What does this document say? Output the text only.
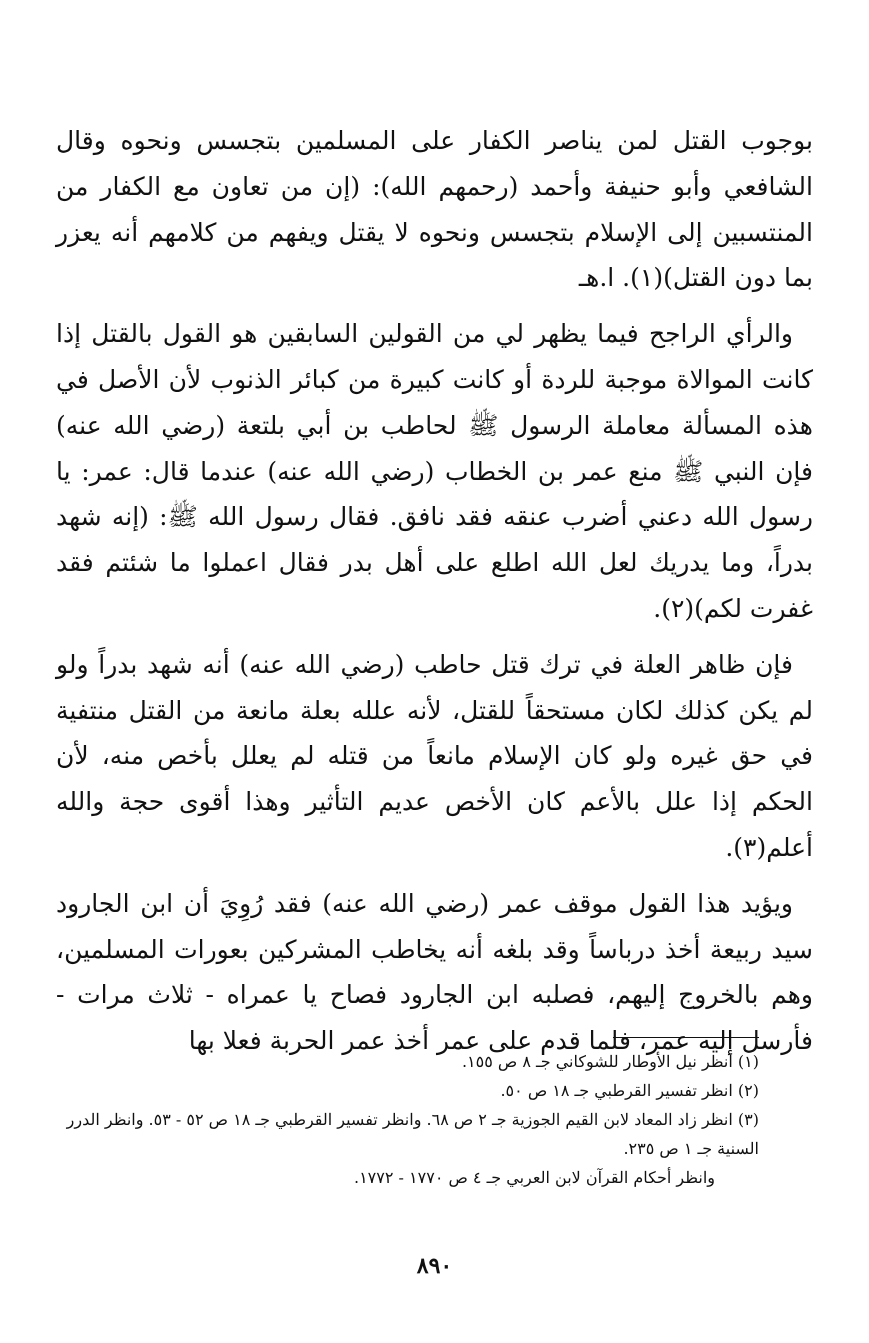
بوجوب القتل لمن يناصر الكفار على المسلمين بتجسس ونحوه وقال الشافعي وأبو حنيفة وأحمد (رحمهم الله): (إن من تعاون مع الكفار من المنتسبين إلى الإسلام بتجسس ونحوه لا يقتل ويفهم من كلامهم أنه يعزر بما دون القتل)(١). ا.هـ

والرأي الراجح فيما يظهر لي من القولين السابقين هو القول بالقتل إذا كانت الموالاة موجبة للردة أو كانت كبيرة من كبائر الذنوب لأن الأصل في هذه المسألة معاملة الرسول ﷺ لحاطب بن أبي بلتعة (رضي الله عنه) فإن النبي ﷺ منع عمر بن الخطاب (رضي الله عنه) عندما قال: عمر: يا رسول الله دعني أضرب عنقه فقد نافق. فقال رسول الله ﷺ: (إنه شهد بدراً، وما يدريك لعل الله اطلع على أهل بدر فقال اعملوا ما شئتم فقد غفرت لكم)(٢).

فإن ظاهر العلة في ترك قتل حاطب (رضي الله عنه) أنه شهد بدراً ولو لم يكن كذلك لكان مستحقاً للقتل، لأنه علله بعلة مانعة من القتل منتفية في حق غيره ولو كان الإسلام مانعاً من قتله لم يعلل بأخص منه، لأن الحكم إذا علل بالأعم كان الأخص عديم التأثير وهذا أقوى حجة والله أعلم(٣).

ويؤيد هذا القول موقف عمر (رضي الله عنه) فقد رُوِيَ أن ابن الجارود سيد ربيعة أخذ درباساً وقد بلغه أنه يخاطب المشركين بعورات المسلمين، وهم بالخروج إليهم، فصلبه ابن الجارود فصاح يا عمراه - ثلاث مرات - فأرسل إليه عمر، فلما قدم على عمر أخذ عمر الحربة فعلا بها

(١) انظر نيل الأوطار للشوكاني جـ ٨ ص ١٥٥.

(٢) انظر تفسير القرطبي جـ ١٨ ص ٥٠.

(٣) انظر زاد المعاد لابن القيم الجوزية جـ ٢ ص ٦٨. وانظر تفسير القرطبي جـ ١٨ ص ٥٢ - ٥٣. وانظر الدرر السنية جـ ١ ص ٢٣٥.

وانظر أحكام القرآن لابن العربي جـ ٤ ص ١٧٧٠ - ١٧٧٢.

٨٩٠
